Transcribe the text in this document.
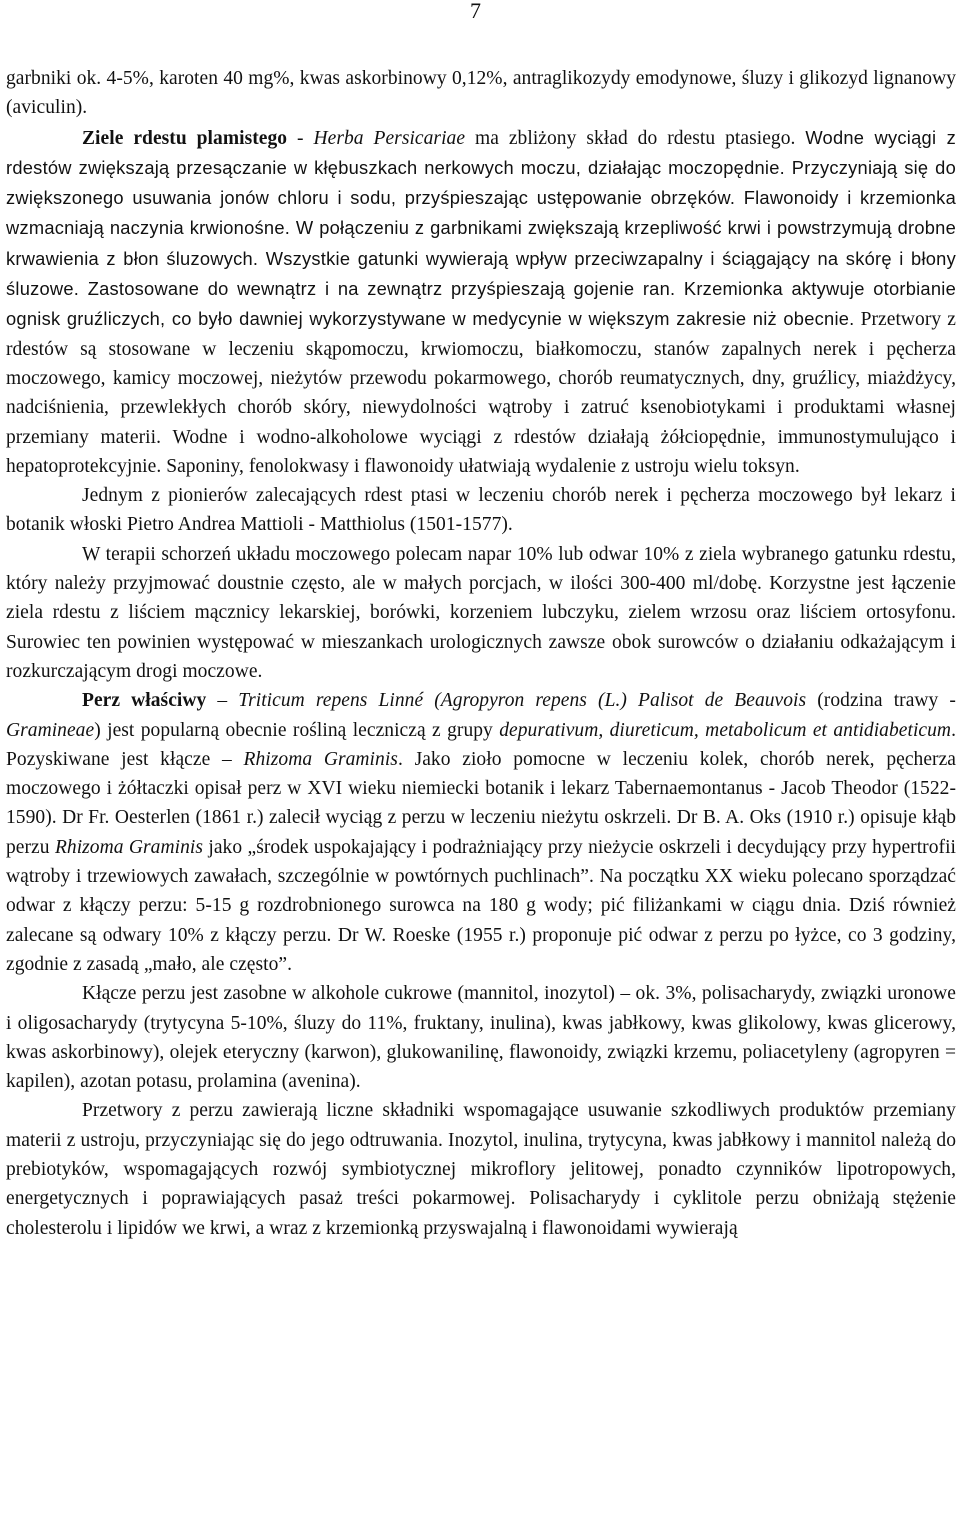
7

garbniki ok. 4-5%, karoten 40 mg%, kwas askorbinowy 0,12%, antraglikozydy emodynowe, śluzy i glikozyd lignanowy (aviculin).

Ziele rdestu plamistego - Herba Persicariae ma zbliżony skład do rdestu ptasiego. Wodne wyciągi z rdestów zwiększają przesączanie w kłębuszkach nerkowych moczu, działając moczopędnie. Przyczyniają się do zwiększonego usuwania jonów chloru i sodu, przyśpieszając ustępowanie obrzęków. Flawonoidy i krzemionka wzmacniają naczynia krwionośne. W połączeniu z garbnikami zwiększają krzepliwość krwi i powstrzymują drobne krwawienia z błon śluzowych. Wszystkie gatunki wywierają wpływ przeciwzapalny i ściągający na skórę i błony śluzowe. Zastosowane do wewnątrz i na zewnątrz przyśpieszają gojenie ran. Krzemionka aktywuje otorbianie ognisk gruźliczych, co było dawniej wykorzystywane w medycynie w większym zakresie niż obecnie. Przetwory z rdestów są stosowane w leczeniu skąpomoczu, krwiomoczu, białkomoczu, stanów zapalnych nerek i pęcherza moczowego, kamicy moczowej, nieżytów przewodu pokarmowego, chorób reumatycznych, dny, gruźlicy, miażdżycy, nadciśnienia, przewlekłych chorób skóry, niewydolności wątroby i zatruć ksenobiotykami i produktami własnej przemiany materii. Wodne i wodno-alkoholowe wyciągi z rdestów działają żółciopędnie, immunostymulująco i hepatoprotekcyjnie. Saponiny, fenolokwasy i flawonoidy ułatwiają wydalenie z ustroju wielu toksyn.

Jednym z pionierów zalecających rdest ptasi w leczeniu chorób nerek i pęcherza moczowego był lekarz i botanik włoski Pietro Andrea Mattioli - Matthiolus (1501-1577).

W terapii schorzeń układu moczowego polecam napar 10% lub odwar 10% z ziela wybranego gatunku rdestu, który należy przyjmować doustnie często, ale w małych porcjach, w ilości 300-400 ml/dobę. Korzystne jest łączenie ziela rdestu z liściem mącznicy lekarskiej, borówki, korzeniem lubczyku, zielem wrzosu oraz liściem ortosyfonu. Surowiec ten powinien występować w mieszankach urologicznych zawsze obok surowców o działaniu odkażającym i rozkurczającym drogi moczowe.

Perz właściwy – Triticum repens Linné (Agropyron repens (L.) Palisot de Beauvois (rodzina trawy - Gramineae) jest popularną obecnie rośliną leczniczą z grupy depurativum, diureticum, metabolicum et antidiabeticum. Pozyskiwane jest kłącze – Rhizoma Graminis. Jako zioło pomocne w leczeniu kolek, chorób nerek, pęcherza moczowego i żółtaczki opisał perz w XVI wieku niemiecki botanik i lekarz Tabernaemontanus - Jacob Theodor (1522-1590). Dr Fr. Oesterlen (1861 r.) zalecił wyciąg z perzu w leczeniu nieżytu oskrzeli. Dr B. A. Oks (1910 r.) opisuje kłąb perzu Rhizoma Graminis jako „środek uspokajający i podrażniający przy nieżycie oskrzeli i decydujący przy hypertrofii wątroby i trzewiowych zawałach, szczególnie w powtórnych puchlinach”. Na początku XX wieku polecano sporządzać odwar z kłączy perzu: 5-15 g rozdrobnionego surowca na 180 g wody; pić filiżankami w ciągu dnia. Dziś również zalecane są odwary 10% z kłączy perzu. Dr W. Roeske (1955 r.) proponuje pić odwar z perzu po łyżce, co 3 godziny, zgodnie z zasadą „mało, ale często”.

Kłącze perzu jest zasobne w alkohole cukrowe (mannitol, inozytol) – ok. 3%, polisacharydy, związki uronowe i oligosacharydy (trytycyna 5-10%, śluzy do 11%, fruktany, inulina), kwas jabłkowy, kwas glikolowy, kwas glicerowy, kwas askorbinowy), olejek eteryczny (karwon), glukowanilinę, flawonoidy, związki krzemu, poliacetyleny (agropyren = kapilen), azotan potasu, prolamina (avenina).

Przetwory z perzu zawierają liczne składniki wspomagające usuwanie szkodliwych produktów przemiany materii z ustroju, przyczyniając się do jego odtruwania. Inozytol, inulina, trytycyna, kwas jabłkowy i mannitol należą do prebiotyków, wspomagających rozwój symbiotycznej mikroflory jelitowej, ponadto czynników lipotropowych, energetycznych i poprawiających pasaż treści pokarmowej. Polisacharydy i cyklitole perzu obniżają stężenie cholesterolu i lipidów we krwi, a wraz z krzemionką przyswajalną i flawonoidami wywierają
